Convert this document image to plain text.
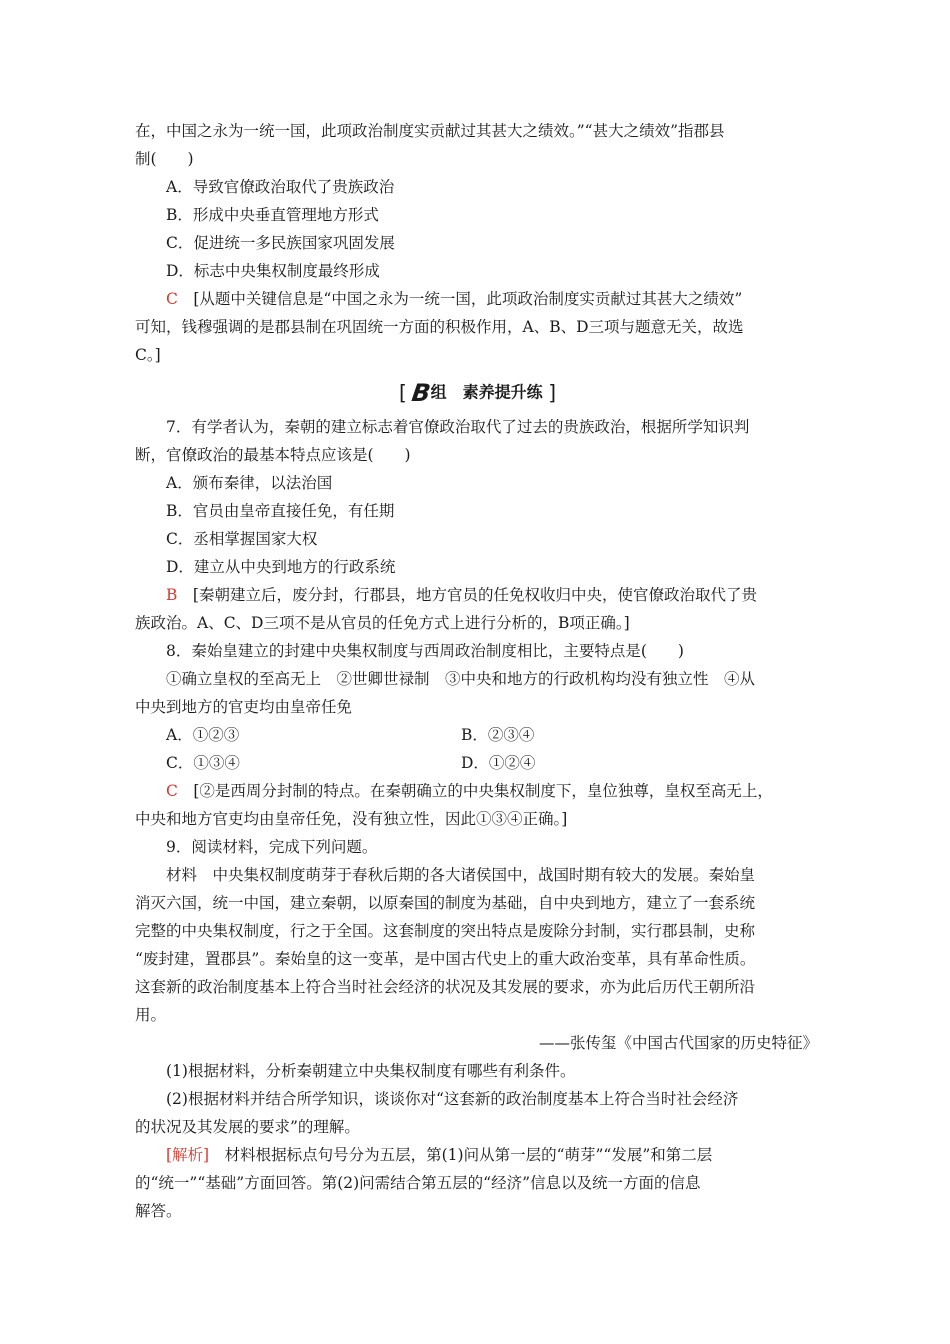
在，中国之永为一统一国，此项政治制度实贡献过其甚大之绩效。”“甚大之绩效”指郡县

制(　　)

A．导致官僚政治取代了贵族政治

B．形成中央垂直管理地方形式

C．促进统一多民族国家巩固发展

D．标志中央集权制度最终形成

C　[从题中关键信息是“中国之永为一统一国，此项政治制度实贡献过其甚大之绩效”

可知，钱穆强调的是郡县制在巩固统一方面的积极作用，A、B、D三项与题意无关，故选

C。]

[ B组　素养提升练 ]

7．有学者认为，秦朝的建立标志着官僚政治取代了过去的贵族政治，根据所学知识判

断，官僚政治的最基本特点应该是(　　)

A．颁布秦律，以法治国

B．官员由皇帝直接任免，有任期

C．丞相掌握国家大权

D．建立从中央到地方的行政系统

B　[秦朝建立后，废分封，行郡县，地方官员的任免权收归中央，使官僚政治取代了贵

族政治。A、C、D三项不是从官员的任免方式上进行分析的，B项正确。]

8．秦始皇建立的封建中央集权制度与西周政治制度相比，主要特点是(　　)

①确立皇权的至高无上　②世卿世禄制　③中央和地方的行政机构均没有独立性　④从

中央到地方的官吏均由皇帝任免

A．①②③	B．②③④
C．①③④	D．①②④

C　[②是西周分封制的特点。在秦朝确立的中央集权制度下，皇位独尊，皇权至高无上，

中央和地方官吏均由皇帝任免，没有独立性，因此①③④正确。]

9．阅读材料，完成下列问题。

材料　中央集权制度萌芽于春秋后期的各大诸侯国中，战国时期有较大的发展。秦始皇

消灭六国，统一中国，建立秦朝，以原秦国的制度为基础，自中央到地方，建立了一套系统

完整的中央集权制度，行之于全国。这套制度的突出特点是废除分封制，实行郡县制，史称

“废封建，置郡县”。秦始皇的这一变革，是中国古代史上的重大政治变革，具有革命性质。

这套新的政治制度基本上符合当时社会经济的状况及其发展的要求，亦为此后历代王朝所沿

用。

——张传玺《中国古代国家的历史特征》

(1)根据材料，分析秦朝建立中央集权制度有哪些有利条件。

(2)根据材料并结合所学知识，谈谈你对“这套新的政治制度基本上符合当时社会经济

的状况及其发展的要求”的理解。

[解析]　材料根据标点句号分为五层，第(1)问从第一层的“萌芽”“发展”和第二层

的“统一”“基础”方面回答。第(2)问需结合第五层的“经济”信息以及统一方面的信息

解答。
